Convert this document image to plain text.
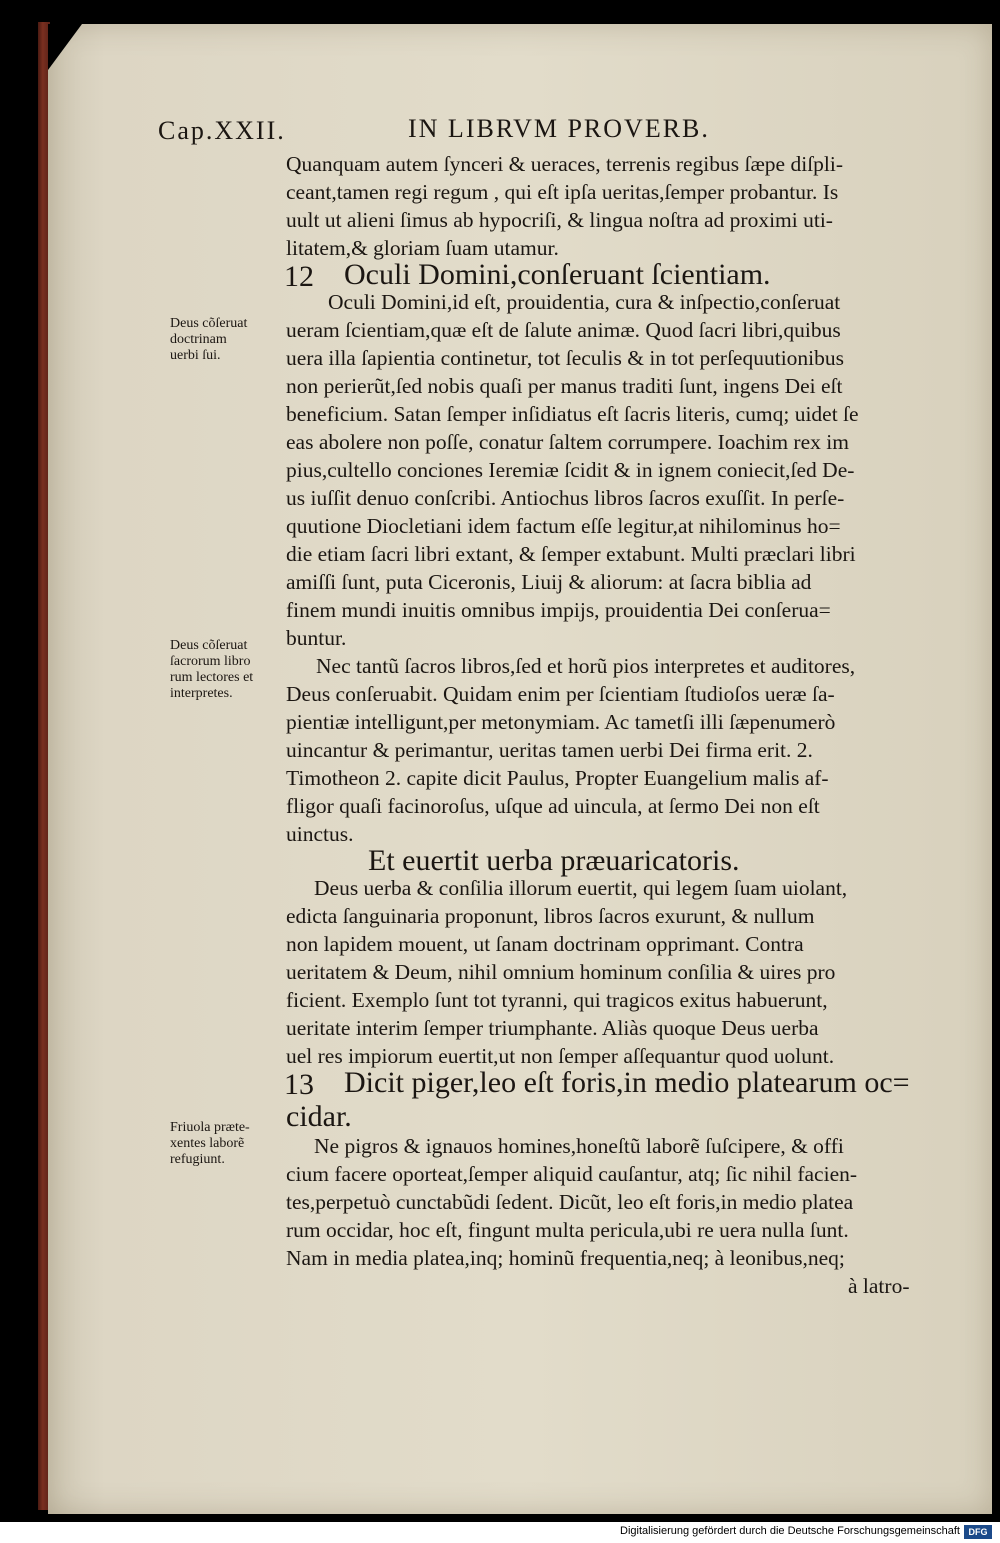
Cap.XXII.	IN LIBRVM PROVERB.
Quanquam autem ſynceri & ueraces, terrenis regibus ſæpe diſpli-
ceant,tamen regi regum , qui eſt ipſa ueritas,ſemper probantur. Is
uult ut alieni ſimus ab hypocriſi, & lingua noſtra ad proximi uti-
litatem,& gloriam ſuam utamur.
12 Oculi Domini,conſeruant ſcientiam.
Oculi Domini,id eſt, prouidentia, cura & inſpectio,conſeruat
ueram ſcientiam,quæ eſt de ſalute animæ. Quod ſacri libri,quibus
uera illa ſapientia continetur, tot ſeculis & in tot perſequutionibus
non perierũt,ſed nobis quaſi per manus traditi ſunt, ingens Dei eſt
beneficium. Satan ſemper inſidiatus eſt ſacris literis, cumq; uidet ſe
eas abolere non poſſe, conatur ſaltem corrumpere. Ioachim rex im
pius,cultello conciones Ieremiæ ſcidit & in ignem coniecit,ſed De-
us iuſſit denuo conſcribi. Antiochus libros ſacros exuſſit. In perſe-
quutione Diocletiani idem factum eſſe legitur,at nihilominus ho=
die etiam ſacri libri extant, & ſemper extabunt. Multi præclari libri
amiſſi ſunt, puta Ciceronis, Liuij & aliorum: at ſacra biblia ad
finem mundi inuitis omnibus impijs, prouidentia Dei conſerua=
buntur.
Nec tantũ ſacros libros,ſed et horũ pios interpretes et auditores,
Deus conſeruabit. Quidam enim per ſcientiam ſtudioſos ueræ ſa-
pientiæ intelligunt,per metonymiam. Ac tametſi illi ſæpenumerò
uincantur & perimantur, ueritas tamen uerbi Dei firma erit. 2.
Timotheon 2. capite dicit Paulus, Propter Euangelium malis af-
fligor quaſi facinoroſus, uſque ad uincula, at ſermo Dei non eſt
uinctus.
Et euertit uerba præuaricatoris.
Deus uerba & conſilia illorum euertit, qui legem ſuam uiolant,
edicta ſanguinaria proponunt, libros ſacros exurunt, & nullum
non lapidem mouent, ut ſanam doctrinam opprimant. Contra
ueritatem & Deum, nihil omnium hominum conſilia & uires pro
ficient. Exemplo ſunt tot tyranni, qui tragicos exitus habuerunt,
ueritate interim ſemper triumphante. Aliàs quoque Deus uerba
uel res impiorum euertit,ut non ſemper aſſequantur quod uolunt.
13 Dicit piger,leo eſt foris,in medio platearum oc=
cidar.
Ne pigros & ignauos homines,honeſtũ laborẽ ſuſcipere, & offi
cium facere oporteat,ſemper aliquid cauſantur, atq; ſic nihil facien-
tes,perpetuò cunctabũdi ſedent. Dicũt, leo eſt foris,in medio platea
rum occidar, hoc eſt, fingunt multa pericula,ubi re uera nulla ſunt.
Nam in media platea,inq; hominũ frequentia,neq; à leonibus,neq;
à latro-
Deus cõſeruat
doctrinam
uerbi ſui.
Deus cõſeruat
ſacrorum libro
rum lectores et
interpretes.
Friuola præte-
xentes laborẽ
refugiunt.
Digitalisierung gefördert durch die Deutsche Forschungsgemeinschaft DFG
